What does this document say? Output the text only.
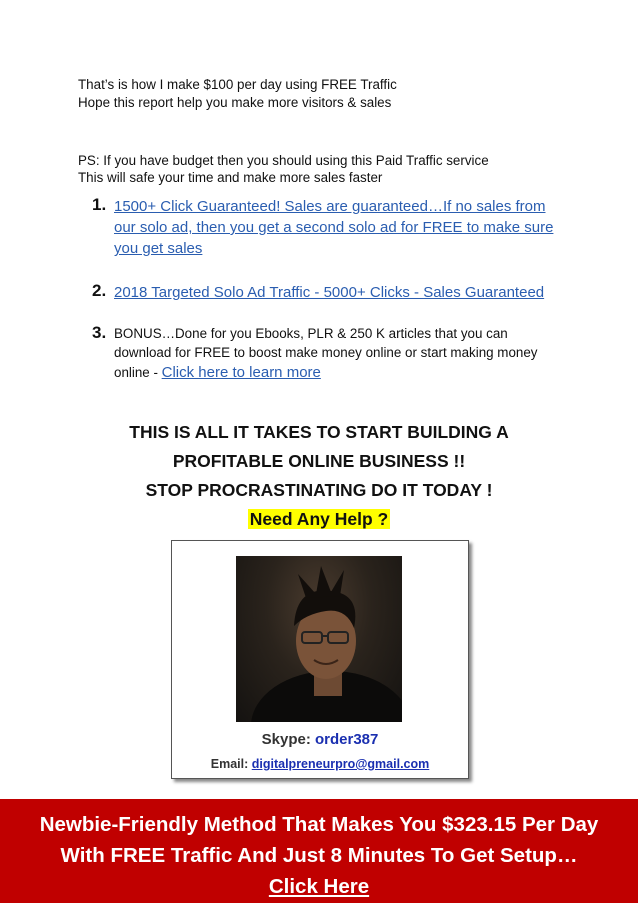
That’s is how I make $100 per day using FREE Traffic

Hope this report help you make more visitors & sales

PS: If you have budget then you should using this Paid Traffic service

This will safe your time and make more sales faster

1. 1500+ Click Guaranteed! Sales are guaranteed…If no sales from our solo ad, then you get a second solo ad for FREE to make sure you get sales
2. 2018 Targeted Solo Ad Traffic - 5000+ Clicks - Sales Guaranteed
3. BONUS…Done for you Ebooks, PLR & 250 K articles that you can download for FREE to boost make money online or start making money online - Click here to learn more
THIS IS ALL IT TAKES TO START BUILDING A
PROFITABLE ONLINE BUSINESS !!
STOP PROCRASTINATING DO IT TODAY !
Need Any Help ?
Skype: order387
Email: digitalpreneurpro@gmail.com
Newbie-Friendly Method That Makes You $323.15 Per Day
With FREE Traffic And Just 8 Minutes To Get Setup…
Click Here
